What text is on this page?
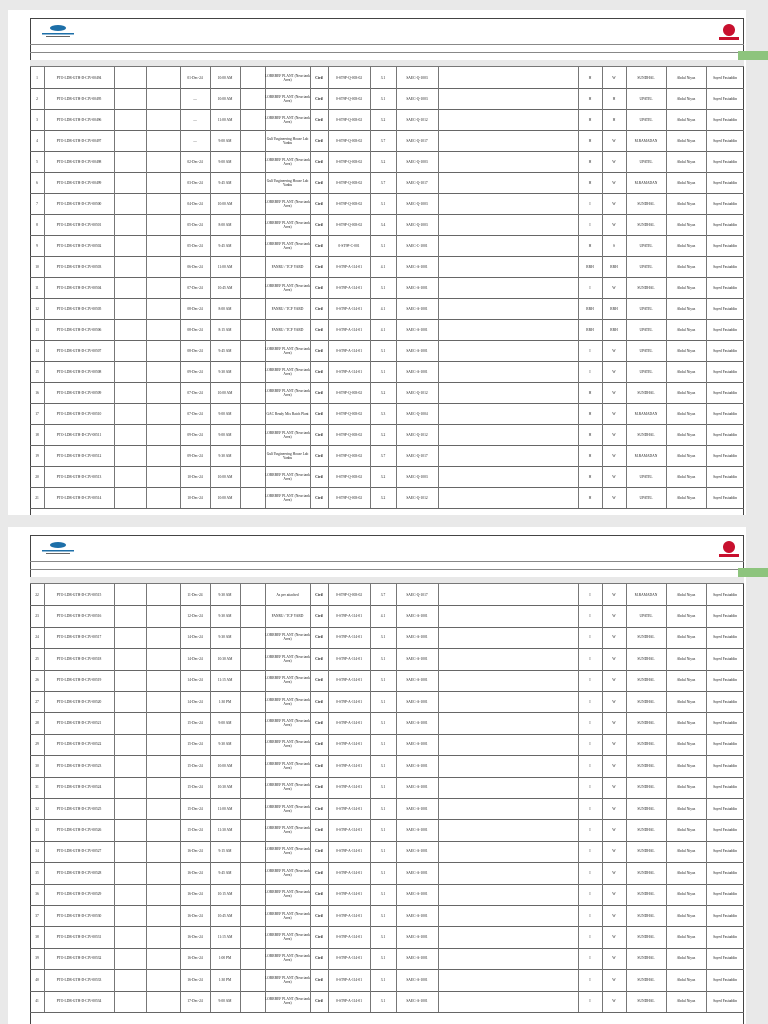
1	PTO-LDR-GTH-D-CIV-00494	01-Dec-24	10:00 AM	LORRBEF PLANT (Near tank Area)	Civil	0-ST9P-Q-003-02	3.1	SAEC-Q-1003	H	W	SUNDHAL	Abdul Niyaz	Sayed Fasiuddin
2	PTO-LDR-GTH-D-CIV-00495	—	10:00 AM	LORRBEF PLANT (Near tank Area)	Civil	0-ST9P-Q-003-02	3.1	SAEC-Q-1003	H	H	UPATEL	Abdul Niyaz	Sayed Fasiuddin
3	PTO-LDR-GTH-D-CIV-00496	—	11:00 AM	LORRBEF PLANT (Near tank Area)	Civil	0-ST9P-Q-003-02	3.2	SAEC-Q-1012	H	H	UPATEL	Abdul Niyaz	Sayed Fasiuddin
4	PTO-LDR-GTH-D-CIV-00497	—	9:00 AM	Gulf Engineering House Lab Yanbu	Civil	0-ST9P-Q-003-02	3.7	SAEC-Q-1017	H	W	M.RAMADAN	Abdul Niyaz	Sayed Fasiuddin
5	PTO-LDR-GTH-D-CIV-00498	02-Dec-24	9:00 AM	LORRBEF PLANT (Near tank Area)	Civil	0-ST9P-Q-003-02	3.2	SAEC-Q-1003	H	W	UPATEL	Abdul Niyaz	Sayed Fasiuddin
6	PTO-LDR-GTH-D-CIV-00499	03-Dec-24	9:45 AM	Gulf Engineering House Lab Yanbu	Civil	0-ST9P-Q-003-02	3.7	SAEC-Q-1017	H	W	M.RAMADAN	Abdul Niyaz	Sayed Fasiuddin
7	PTO-LDR-GTH-D-CIV-00500	04-Dec-24	10:00 AM	LORRBEF PLANT (Near tank Area)	Civil	0-ST9P-Q-003-02	3.1	SAEC-Q-1003	I	W	SUNDHAL	Abdul Niyaz	Sayed Fasiuddin
8	PTO-LDR-GTH-D-CIV-00501	05-Dec-24	8:00 AM	LORRBEF PLANT (Near tank Area)	Civil	0-ST9P-Q-003-02	3.4	SAEC-Q-1003	I	W	SUNDHAL	Abdul Niyaz	Sayed Fasiuddin
9	PTO-LDR-GTH-D-CIV-00502	05-Dec-24	9:45 AM	LORRBEF PLANT (Near tank Area)	Civil	0-ST9P-C-001	3.1	SAEC-C-1001	H	S	UPATEL	Abdul Niyaz	Sayed Fasiuddin
10	PTO-LDR-GTH-D-CIV-00503	06-Dec-24	11:00 AM	FANRU / TCF YARD	Civil	0-ST9P-A-114-01	4.1	SAEC-A-1001	RRH	RRH	UPATEL	Abdul Niyaz	Sayed Fasiuddin
11	PTO-LDR-GTH-D-CIV-00504	07-Dec-24	10:45 AM	LORRBEF PLANT (Near tank Area)	Civil	0-ST9P-A-114-01	3.1	SAEC-A-1001	I	W	SUNDHAL	Abdul Niyaz	Sayed Fasiuddin
12	PTO-LDR-GTH-D-CIV-00505	08-Dec-24	8:00 AM	FANRU / TCF YARD	Civil	0-ST9P-A-114-01	4.1	SAEC-A-1001	RRH	RRH	UPATEL	Abdul Niyaz	Sayed Fasiuddin
13	PTO-LDR-GTH-D-CIV-00506	08-Dec-24	8:15 AM	FANRU / TCF YARD	Civil	0-ST9P-A-114-01	4.1	SAEC-A-1001	RRH	RRH	UPATEL	Abdul Niyaz	Sayed Fasiuddin
14	PTO-LDR-GTH-D-CIV-00507	08-Dec-24	9:45 AM	LORRBEF PLANT (Near tank Area)	Civil	0-ST9P-A-114-01	3.1	SAEC-A-1001	I	W	UPATEL	Abdul Niyaz	Sayed Fasiuddin
15	PTO-LDR-GTH-D-CIV-00508	09-Dec-24	9:30 AM	LORRBEF PLANT (Near tank Area)	Civil	0-ST9P-A-114-01	3.1	SAEC-A-1001	I	W	UPATEL	Abdul Niyaz	Sayed Fasiuddin
16	PTO-LDR-GTH-D-CIV-00509	07-Dec-24	10:00 AM	LORRBEF PLANT (Near tank Area)	Civil	0-ST9P-Q-003-02	3.2	SAEC-Q-1012	H	W	SUNDHAL	Abdul Niyaz	Sayed Fasiuddin
17	PTO-LDR-GTH-D-CIV-00510	07-Dec-24	9:00 AM	GAC Ready Mix Batch Plant	Civil	0-ST9P-Q-003-02	3.3	SAEC-Q-1004	H	W	M.RAMADAN	Abdul Niyaz	Sayed Fasiuddin
18	PTO-LDR-GTH-D-CIV-00511	09-Dec-24	9:00 AM	LORRBEF PLANT (Near tank Area)	Civil	0-ST9P-Q-003-02	3.2	SAEC-Q-1012	H	W	SUNDHAL	Abdul Niyaz	Sayed Fasiuddin
19	PTO-LDR-GTH-D-CIV-00512	09-Dec-24	9:30 AM	Gulf Engineering House Lab Yanbu	Civil	0-ST9P-Q-003-02	3.7	SAEC-Q-1017	H	W	M.RAMADAN	Abdul Niyaz	Sayed Fasiuddin
20	PTO-LDR-GTH-D-CIV-00513	10-Dec-24	10:00 AM	LORRBEF PLANT (Near tank Area)	Civil	0-ST9P-Q-003-02	3.2	SAEC-Q-1003	H	W	UPATEL	Abdul Niyaz	Sayed Fasiuddin
21	PTO-LDR-GTH-D-CIV-00514	10-Dec-24	10:00 AM	LORRBEF PLANT (Near tank Area)	Civil	0-ST9P-Q-003-02	3.2	SAEC-Q-1012	H	W	UPATEL	Abdul Niyaz	Sayed Fasiuddin
22	PTO-LDR-GTH-D-CIV-00515	11-Dec-24	9:30 AM	As per attached	Civil	0-ST9P-Q-003-02	3.7	SAEC-Q-1017	I	W	M.RAMADAN	Abdul Niyaz	Sayed Fasiuddin
23	PTO-LDR-GTH-D-CIV-00516	12-Dec-24	9:30 AM	FANRU / TCF YARD	Civil	0-ST9P-A-114-01	4.1	SAEC-A-1001	I	W	UPATEL	Abdul Niyaz	Sayed Fasiuddin
24	PTO-LDR-GTH-D-CIV-00517	14-Dec-24	9:30 AM	LORRBEF PLANT (Near tank Area)	Civil	0-ST9P-A-114-01	3.1	SAEC-A-1001	I	W	SUNDHAL	Abdul Niyaz	Sayed Fasiuddin
25	PTO-LDR-GTH-D-CIV-00518	14-Dec-24	10:30 AM	LORRBEF PLANT (Near tank Area)	Civil	0-ST9P-A-114-01	3.1	SAEC-A-1001	I	W	SUNDHAL	Abdul Niyaz	Sayed Fasiuddin
26	PTO-LDR-GTH-D-CIV-00519	14-Dec-24	11:15 AM	LORRBEF PLANT (Near tank Area)	Civil	0-ST9P-A-114-01	3.1	SAEC-A-1001	I	W	SUNDHAL	Abdul Niyaz	Sayed Fasiuddin
27	PTO-LDR-GTH-D-CIV-00520	14-Dec-24	1:30 PM	LORRBEF PLANT (Near tank Area)	Civil	0-ST9P-A-114-01	3.1	SAEC-A-1001	I	W	SUNDHAL	Abdul Niyaz	Sayed Fasiuddin
28	PTO-LDR-GTH-D-CIV-00521	15-Dec-24	9:00 AM	LORRBEF PLANT (Near tank Area)	Civil	0-ST9P-A-114-01	3.1	SAEC-A-1001	I	W	SUNDHAL	Abdul Niyaz	Sayed Fasiuddin
29	PTO-LDR-GTH-D-CIV-00522	15-Dec-24	9:30 AM	LORRBEF PLANT (Near tank Area)	Civil	0-ST9P-A-114-01	3.1	SAEC-A-1001	I	W	SUNDHAL	Abdul Niyaz	Sayed Fasiuddin
30	PTO-LDR-GTH-D-CIV-00523	15-Dec-24	10:00 AM	LORRBEF PLANT (Near tank Area)	Civil	0-ST9P-A-114-01	3.1	SAEC-A-1001	I	W	SUNDHAL	Abdul Niyaz	Sayed Fasiuddin
31	PTO-LDR-GTH-D-CIV-00524	15-Dec-24	10:30 AM	LORRBEF PLANT (Near tank Area)	Civil	0-ST9P-A-114-01	3.1	SAEC-A-1001	I	W	SUNDHAL	Abdul Niyaz	Sayed Fasiuddin
32	PTO-LDR-GTH-D-CIV-00525	15-Dec-24	11:00 AM	LORRBEF PLANT (Near tank Area)	Civil	0-ST9P-A-114-01	3.1	SAEC-A-1001	I	W	SUNDHAL	Abdul Niyaz	Sayed Fasiuddin
33	PTO-LDR-GTH-D-CIV-00526	15-Dec-24	11:30 AM	LORRBEF PLANT (Near tank Area)	Civil	0-ST9P-A-114-01	3.1	SAEC-A-1001	I	W	SUNDHAL	Abdul Niyaz	Sayed Fasiuddin
34	PTO-LDR-GTH-D-CIV-00527	16-Dec-24	9:15 AM	LORRBEF PLANT (Near tank Area)	Civil	0-ST9P-A-114-01	3.1	SAEC-A-1001	I	W	SUNDHAL	Abdul Niyaz	Sayed Fasiuddin
35	PTO-LDR-GTH-D-CIV-00528	16-Dec-24	9:45 AM	LORRBEF PLANT (Near tank Area)	Civil	0-ST9P-A-114-01	3.1	SAEC-A-1001	I	W	SUNDHAL	Abdul Niyaz	Sayed Fasiuddin
36	PTO-LDR-GTH-D-CIV-00529	16-Dec-24	10:15 AM	LORRBEF PLANT (Near tank Area)	Civil	0-ST9P-A-114-01	3.1	SAEC-A-1001	I	W	SUNDHAL	Abdul Niyaz	Sayed Fasiuddin
37	PTO-LDR-GTH-D-CIV-00530	16-Dec-24	10:45 AM	LORRBEF PLANT (Near tank Area)	Civil	0-ST9P-A-114-01	3.1	SAEC-A-1001	I	W	SUNDHAL	Abdul Niyaz	Sayed Fasiuddin
38	PTO-LDR-GTH-D-CIV-00531	16-Dec-24	11:15 AM	LORRBEF PLANT (Near tank Area)	Civil	0-ST9P-A-114-01	3.1	SAEC-A-1001	I	W	SUNDHAL	Abdul Niyaz	Sayed Fasiuddin
39	PTO-LDR-GTH-D-CIV-00532	16-Dec-24	1:00 PM	LORRBEF PLANT (Near tank Area)	Civil	0-ST9P-A-114-01	3.1	SAEC-A-1001	I	W	SUNDHAL	Abdul Niyaz	Sayed Fasiuddin
40	PTO-LDR-GTH-D-CIV-00533	16-Dec-24	1:30 PM	LORRBEF PLANT (Near tank Area)	Civil	0-ST9P-A-114-01	3.1	SAEC-A-1001	I	W	SUNDHAL	Abdul Niyaz	Sayed Fasiuddin
41	PTO-LDR-GTH-D-CIV-00534	17-Dec-24	9:00 AM	LORRBEF PLANT (Near tank Area)	Civil	0-ST9P-A-114-01	3.1	SAEC-A-1001	I	W	SUNDHAL	Abdul Niyaz	Sayed Fasiuddin
